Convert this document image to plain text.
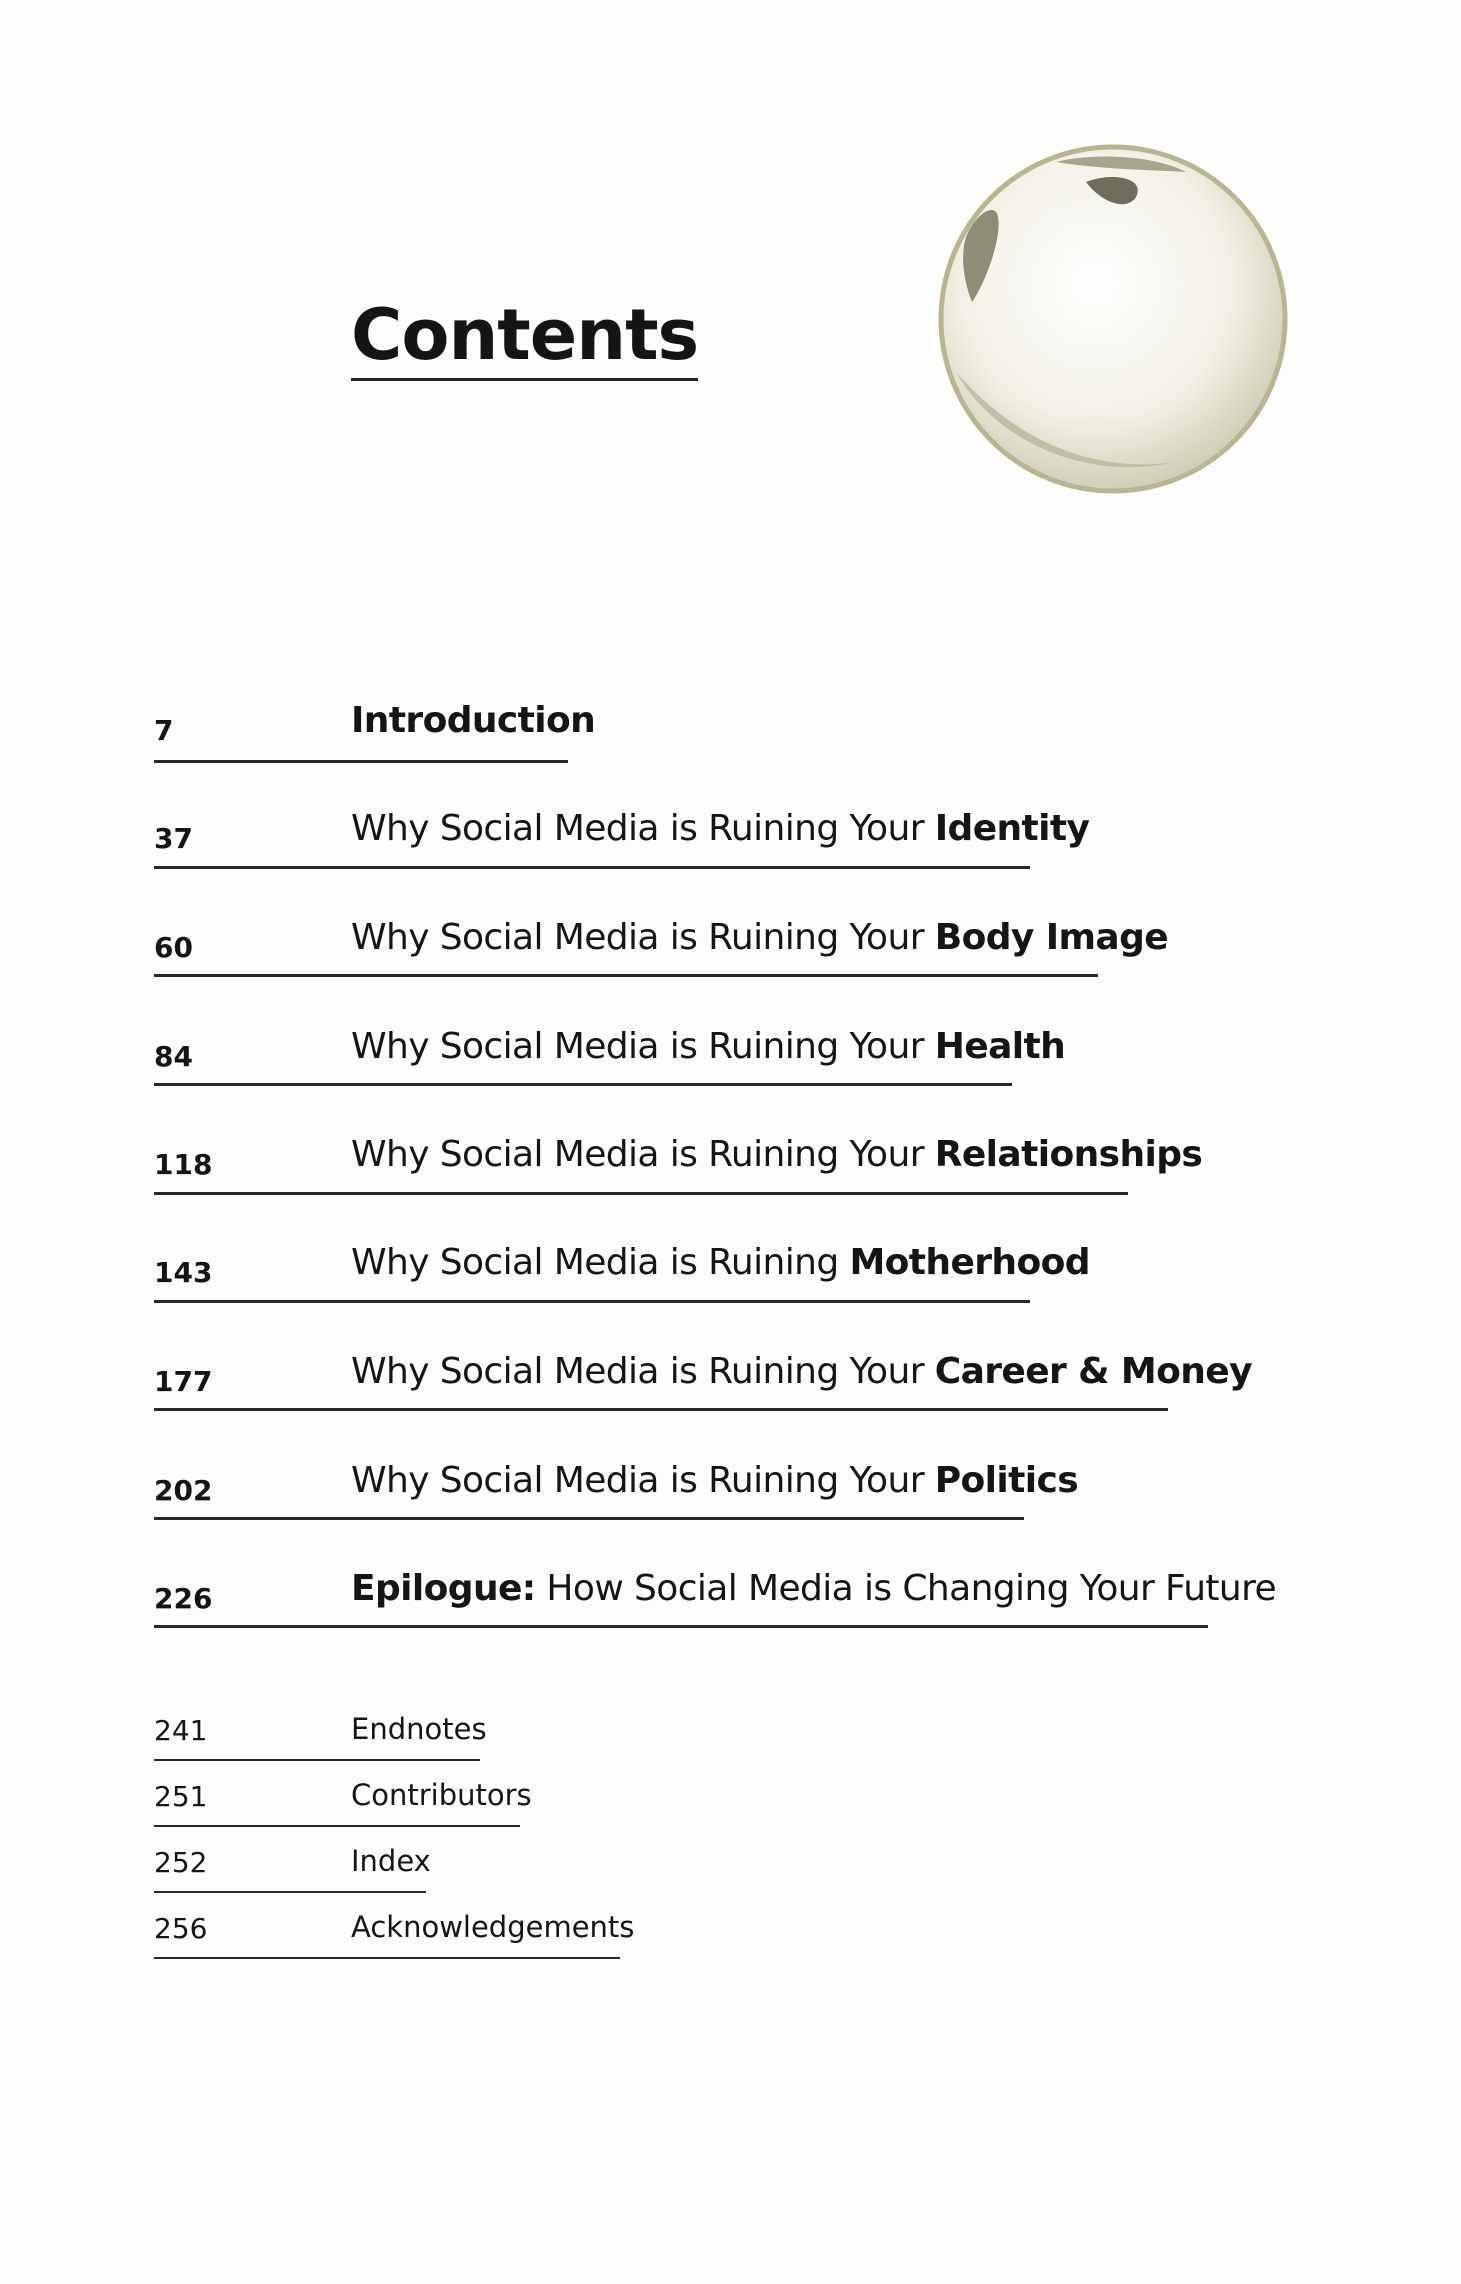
Contents
7	Introduction
37	Why Social Media is Ruining Your Identity
60	Why Social Media is Ruining Your Body Image
84	Why Social Media is Ruining Your Health
118	Why Social Media is Ruining Your Relationships
143	Why Social Media is Ruining Motherhood
177	Why Social Media is Ruining Your Career & Money
202	Why Social Media is Ruining Your Politics
226	Epilogue: How Social Media is Changing Your Future
241	Endnotes
251	Contributors
252	Index
256	Acknowledgements
